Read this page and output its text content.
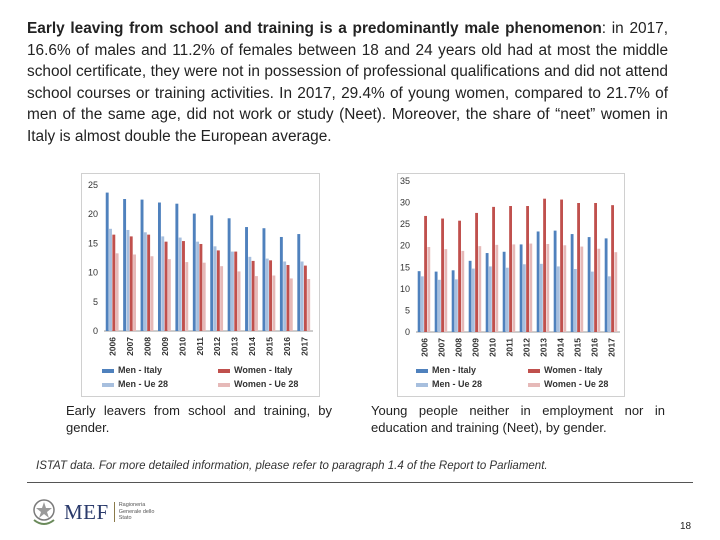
Early leaving from school and training is a predominantly male phenomenon: in 2017, 16.6% of males and 11.2% of females between 18 and 24 years old had at most the middle school certificate, they were not in possession of professional qualifications and did not attend school courses or training activities. In 2017, 29.4% of young women, compared to 21.7% of men of the same age, did not work or study (Neet). Moreover, the share of “neet” women in Italy is almost double the European average.

0
5
10
15
20
25
2006 2007 2008 2009 2010 2011 2012 2013 2014 2015 2016 2017
Men - Italy	Women - Italy
Men - Ue 28	Women - Ue 28
0
5
10
15
20
25
30
35
2006 2007 2008 2009 2010 2011 2012 2013 2014 2015 2016 2017
Men - Italy	Women - Italy
Men - Ue 28	Women - Ue 28

Early leavers from school and training, by gender.

Young people neither in employment nor in education and training (Neet), by gender.

ISTAT data. For more detailed information, please refer to paragraph 1.4 of the Report to Parliament.

MEF	Ragioneria Generale dello Stato
18
